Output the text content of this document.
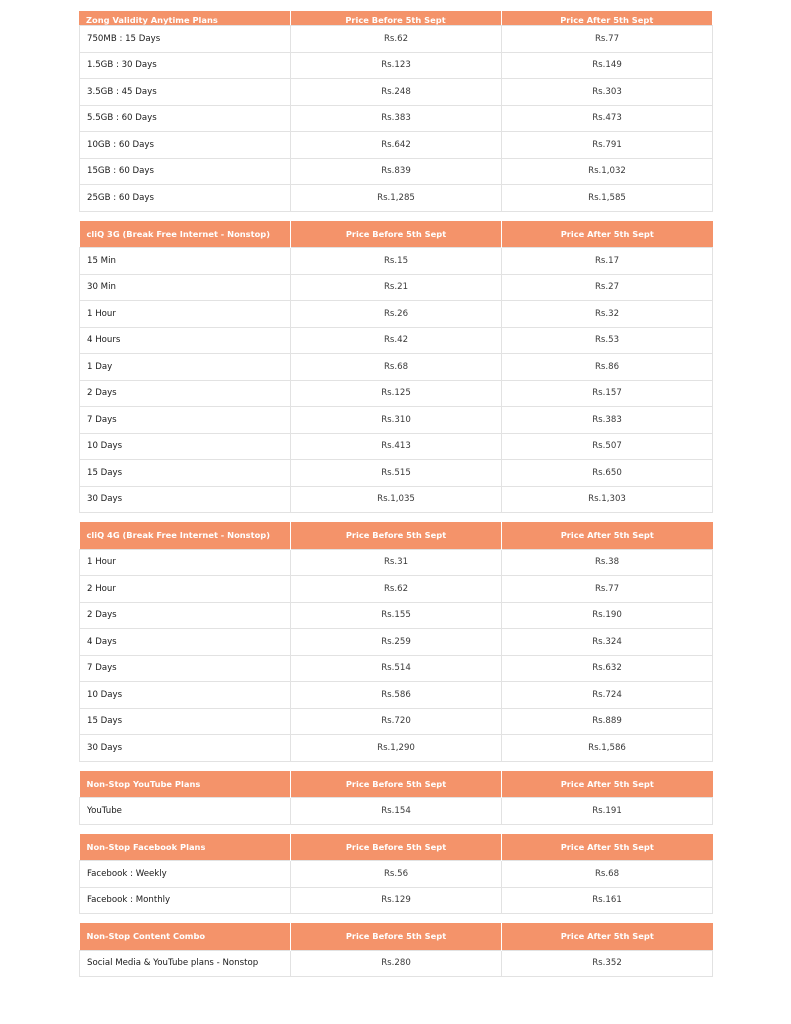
Zong Validity Anytime Plans	Price Before 5th Sept	Price After 5th Sept
750MB : 15 Days	Rs.62	Rs.77
1.5GB : 30 Days	Rs.123	Rs.149
3.5GB : 45 Days	Rs.248	Rs.303
5.5GB : 60 Days	Rs.383	Rs.473
10GB : 60 Days	Rs.642	Rs.791
15GB : 60 Days	Rs.839	Rs.1,032
25GB : 60 Days	Rs.1,285	Rs.1,585
cliQ 3G (Break Free Internet - Nonstop)	Price Before 5th Sept	Price After 5th Sept
15 Min	Rs.15	Rs.17
30 Min	Rs.21	Rs.27
1 Hour	Rs.26	Rs.32
4 Hours	Rs.42	Rs.53
1 Day	Rs.68	Rs.86
2 Days	Rs.125	Rs.157
7 Days	Rs.310	Rs.383
10 Days	Rs.413	Rs.507
15 Days	Rs.515	Rs.650
30 Days	Rs.1,035	Rs.1,303
cliQ 4G (Break Free Internet - Nonstop)	Price Before 5th Sept	Price After 5th Sept
1 Hour	Rs.31	Rs.38
2 Hour	Rs.62	Rs.77
2 Days	Rs.155	Rs.190
4 Days	Rs.259	Rs.324
7 Days	Rs.514	Rs.632
10 Days	Rs.586	Rs.724
15 Days	Rs.720	Rs.889
30 Days	Rs.1,290	Rs.1,586
Non-Stop YouTube Plans	Price Before 5th Sept	Price After 5th Sept
YouTube	Rs.154	Rs.191
Non-Stop Facebook Plans	Price Before 5th Sept	Price After 5th Sept
Facebook : Weekly	Rs.56	Rs.68
Facebook : Monthly	Rs.129	Rs.161
Non-Stop Content Combo	Price Before 5th Sept	Price After 5th Sept
Social Media & YouTube plans - Nonstop	Rs.280	Rs.352
